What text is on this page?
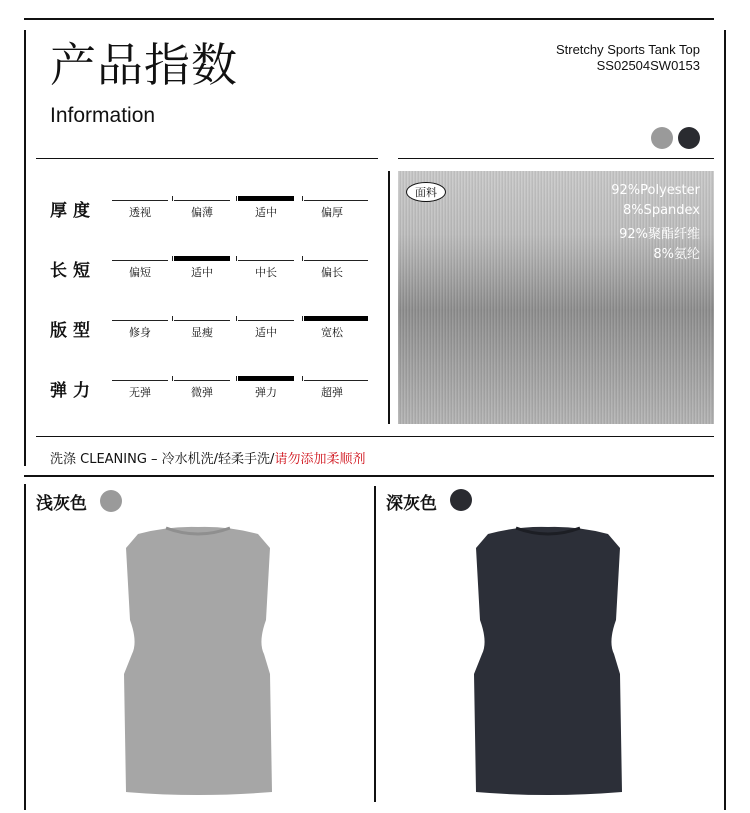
产品指数
Information
Stretchy Sports Tank Top
SS02504SW0153
厚度	透视	偏薄	适中	偏厚
长短	偏短	适中	中长	偏长
版型	修身	显瘦	适中	宽松
弹力	无弹	微弹	弹力	超弹
面料	92%Polyester
8%Spandex
92%聚酯纤维
8%氨纶
洗涤 CLEANING – 冷水机洗/轻柔手洗/请勿添加柔顺剂
浅灰色	深灰色
